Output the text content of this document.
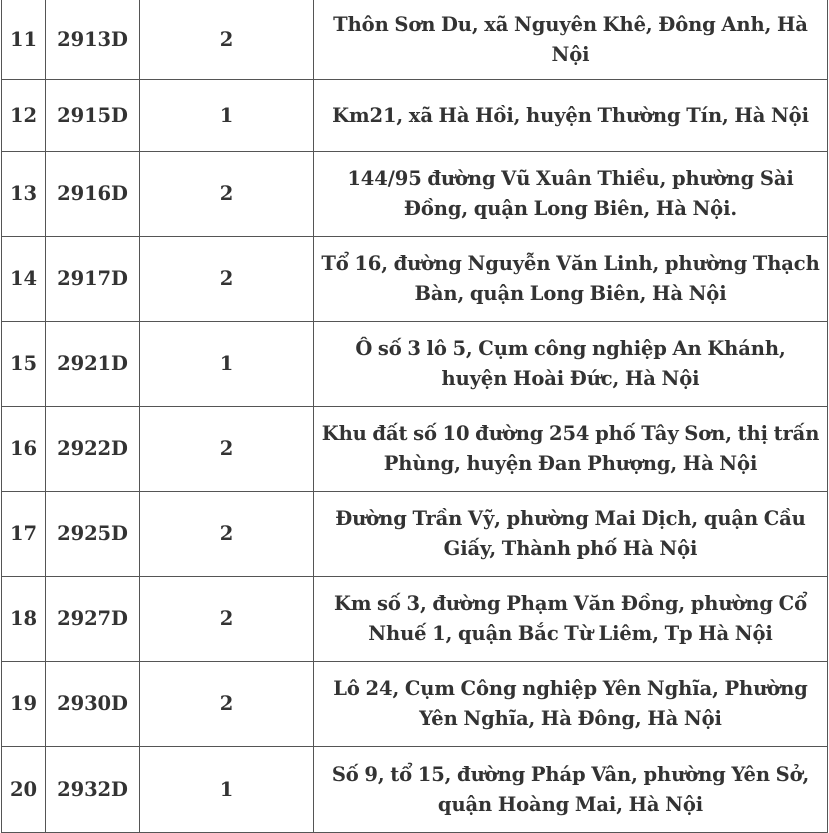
11	2913D	2	Thôn Sơn Du, xã Nguyên Khê, Đông Anh, Hà Nội
12	2915D	1	Km21, xã Hà Hồi, huyện Thường Tín, Hà Nội
13	2916D	2	144/95 đường Vũ Xuân Thiều, phường Sài Đồng, quận Long Biên, Hà Nội.
14	2917D	2	Tổ 16, đường Nguyễn Văn Linh, phường Thạch Bàn, quận Long Biên, Hà Nội
15	2921D	1	Ô số 3 lô 5, Cụm công nghiệp An Khánh, huyện Hoài Đức, Hà Nội
16	2922D	2	Khu đất số 10 đường 254 phố Tây Sơn, thị trấn Phùng, huyện Đan Phượng, Hà Nội
17	2925D	2	Đường Trần Vỹ, phường Mai Dịch, quận Cầu Giấy, Thành phố Hà Nội
18	2927D	2	Km số 3, đường Phạm Văn Đồng, phường Cổ Nhuế 1, quận Bắc Từ Liêm, Tp Hà Nội
19	2930D	2	Lô 24, Cụm Công nghiệp Yên Nghĩa, Phường Yên Nghĩa, Hà Đông, Hà Nội
20	2932D	1	Số 9, tổ 15, đường Pháp Vân, phường Yên Sở, quận Hoàng Mai, Hà Nội
